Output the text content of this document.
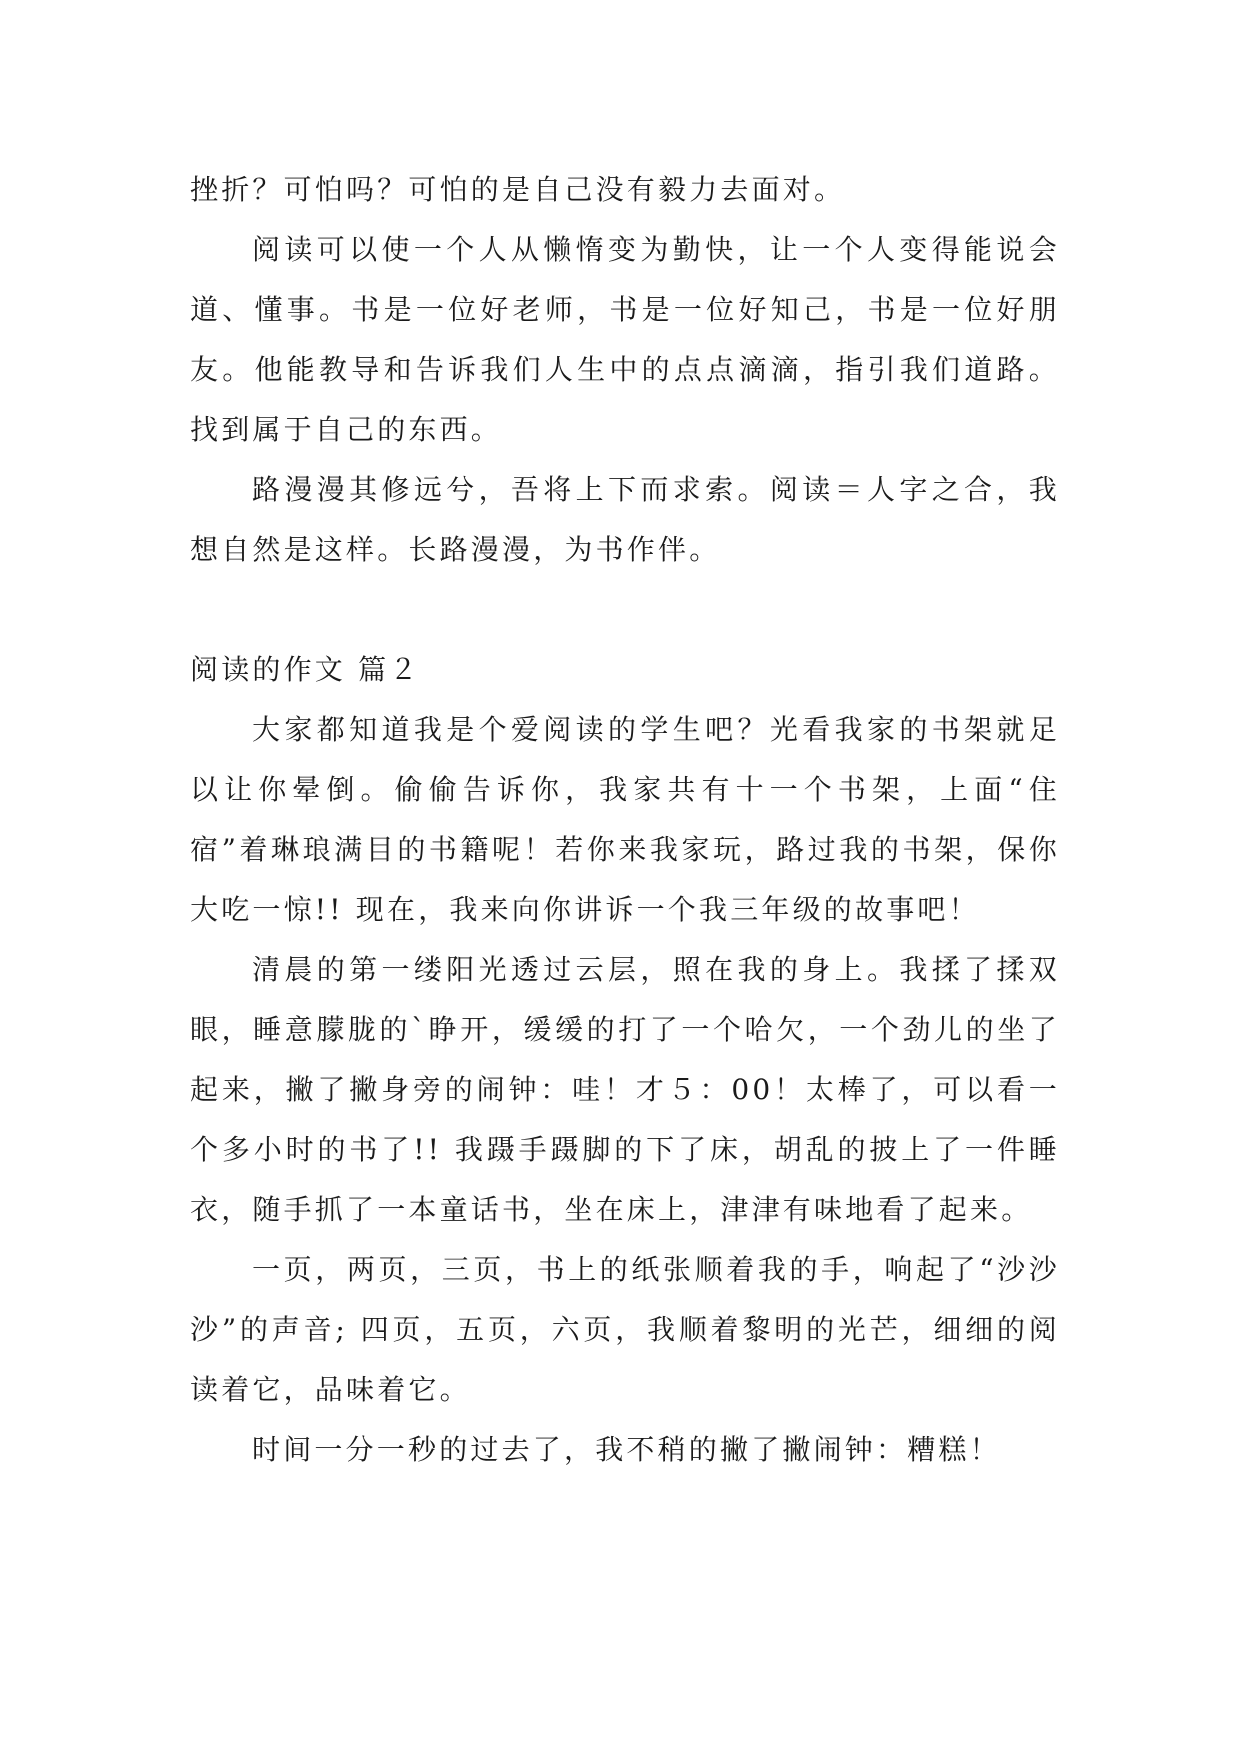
挫折？可怕吗？可怕的是自己没有毅力去面对。

阅读可以使一个人从懒惰变为勤快，让一个人变得能说会道、懂事。书是一位好老师，书是一位好知己，书是一位好朋友。他能教导和告诉我们人生中的点点滴滴，指引我们道路。找到属于自己的东西。

路漫漫其修远兮，吾将上下而求索。阅读＝人字之合，我想自然是这样。长路漫漫，为书作伴。

阅读的作文 篇２

大家都知道我是个爱阅读的学生吧？光看我家的书架就足以让你晕倒。偷偷告诉你，我家共有十一个书架，上面“住宿”着琳琅满目的书籍呢！若你来我家玩，路过我的书架，保你大吃一惊!! 现在，我来向你讲诉一个我三年级的故事吧！

清晨的第一缕阳光透过云层，照在我的身上。我揉了揉双眼，睡意朦胧的`睁开，缓缓的打了一个哈欠，一个劲儿的坐了起来，撇了撇身旁的闹钟：哇！才５：00！太棒了，可以看一个多小时的书了!! 我蹑手蹑脚的下了床，胡乱的披上了一件睡衣，随手抓了一本童话书，坐在床上，津津有味地看了起来。

一页，两页，三页，书上的纸张顺着我的手，响起了“沙沙沙”的声音; 四页，五页，六页，我顺着黎明的光芒，细细的阅读着它，品味着它。

时间一分一秒的过去了，我不稍的撇了撇闹钟：糟糕！
